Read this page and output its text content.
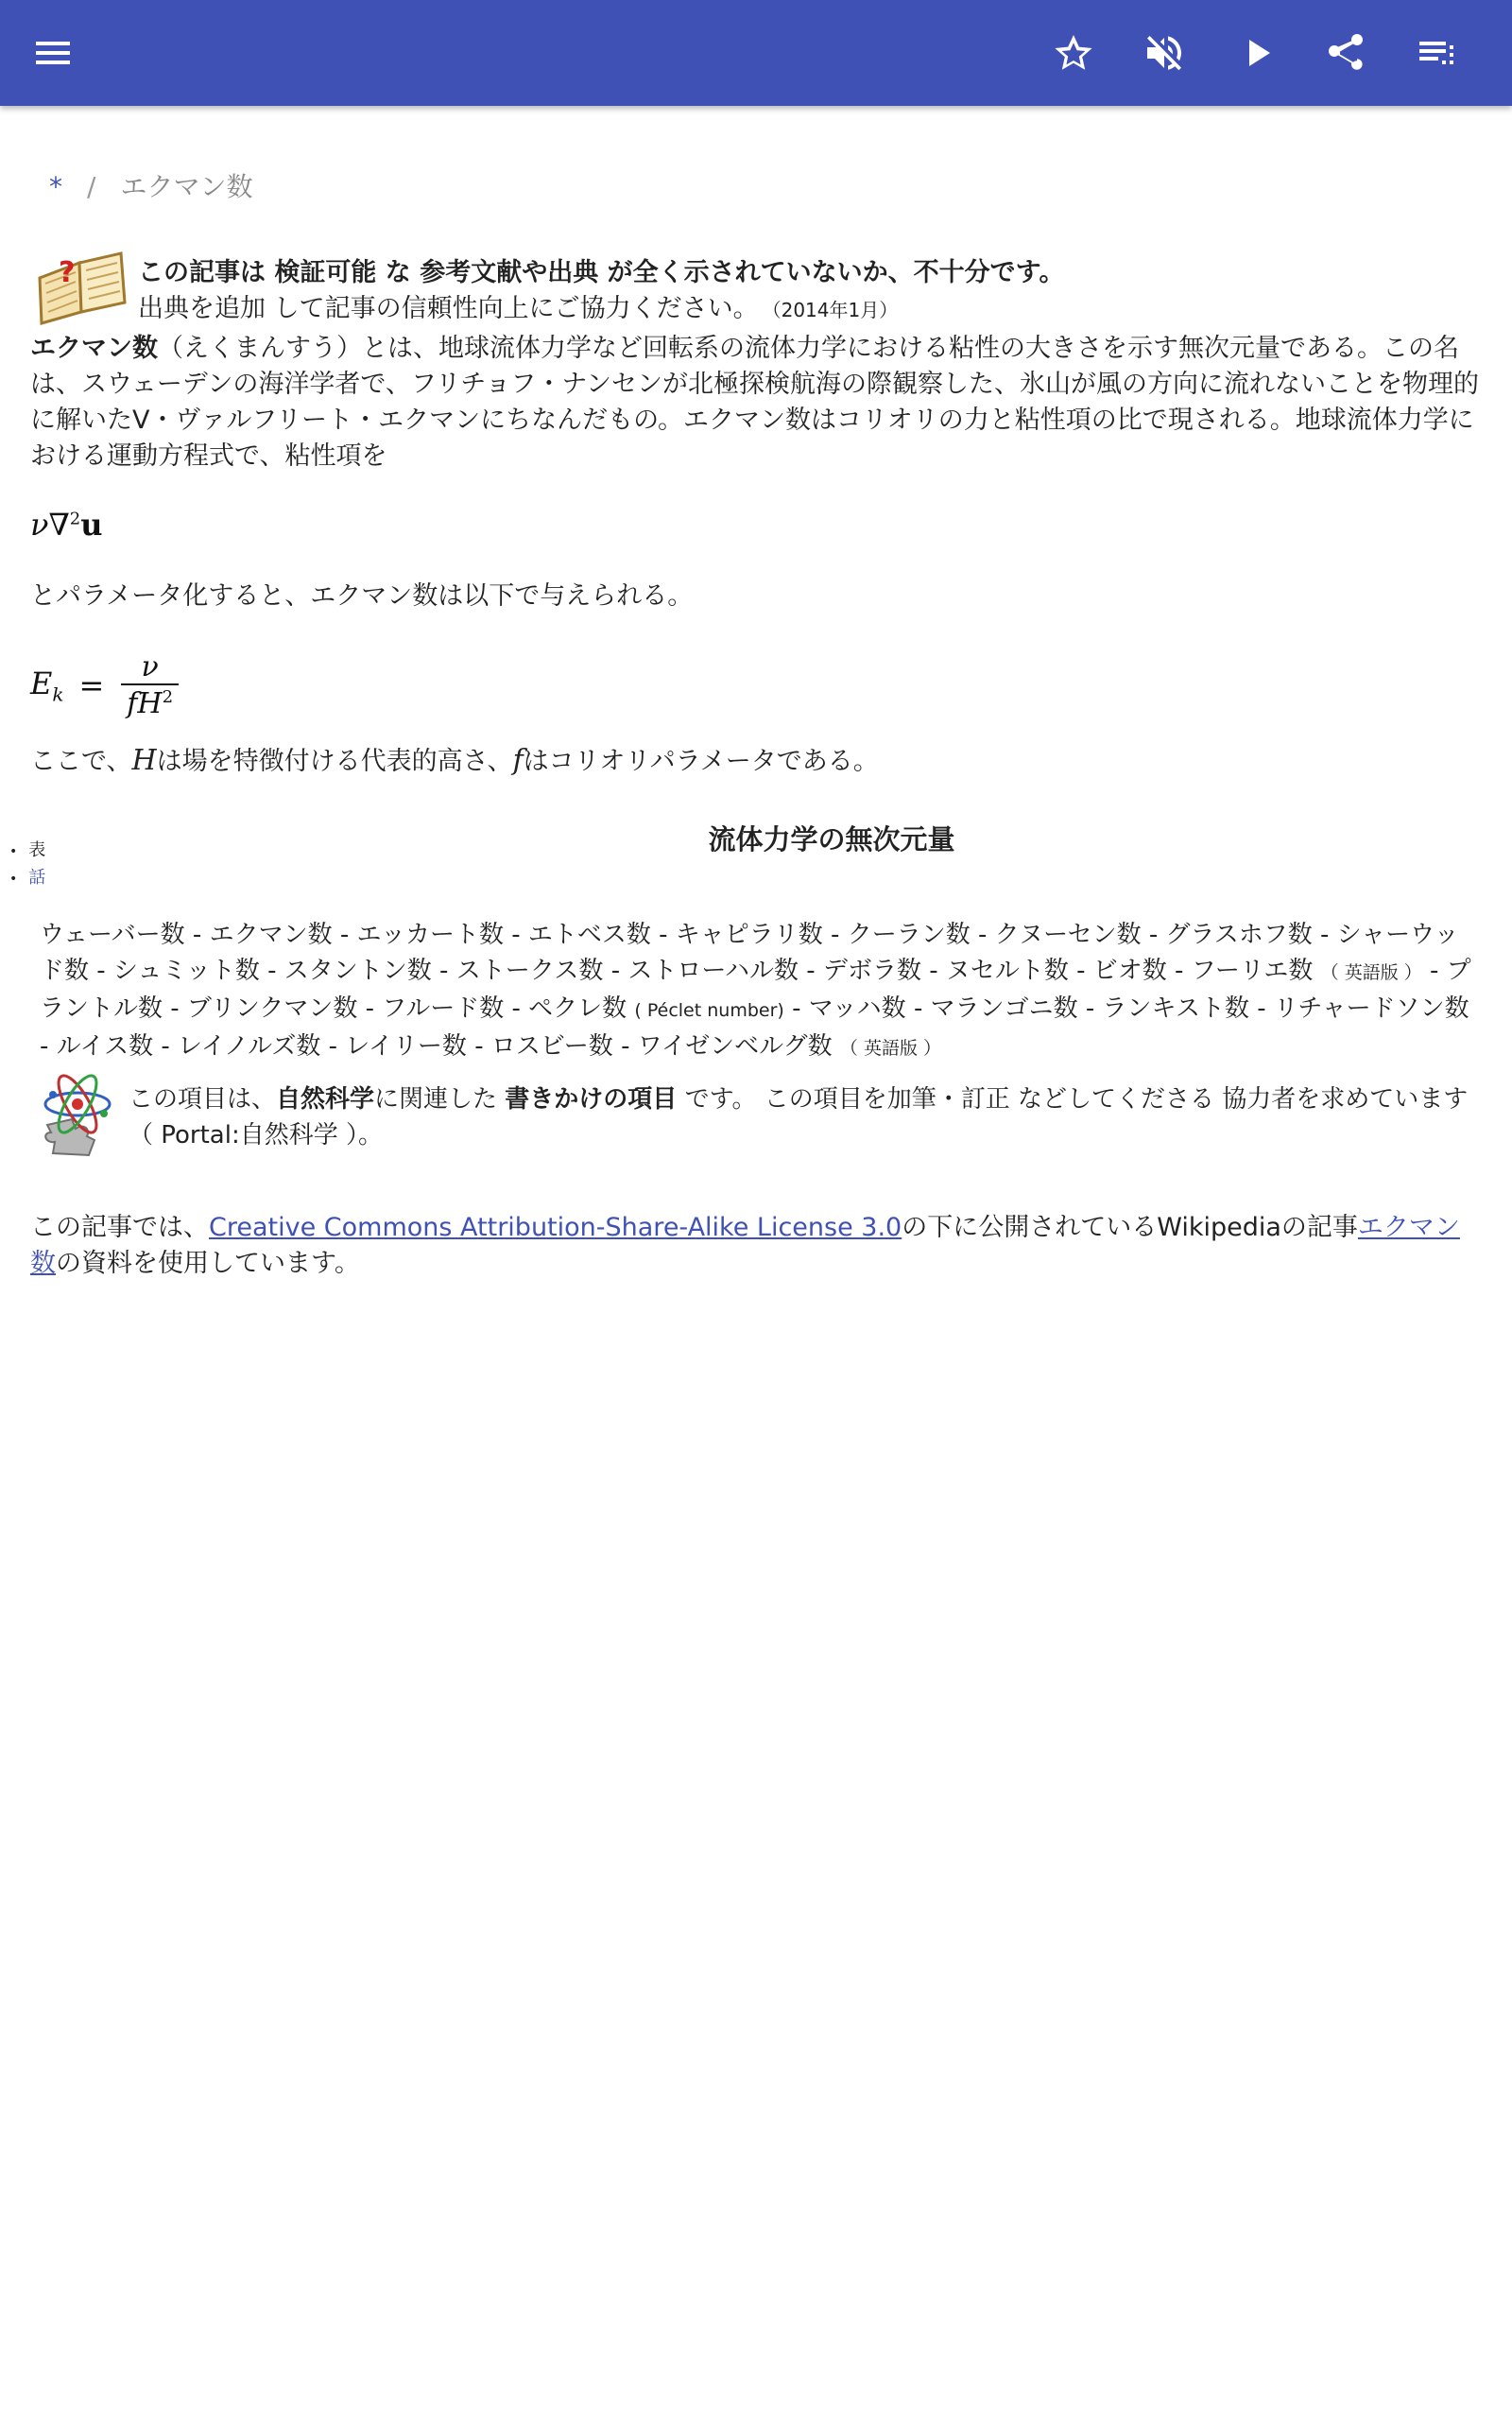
* / エクマン数
? この記事は 検証可能 な 参考文献や出典 が全く示されていないか、不十分です。
出典を追加 して記事の信頼性向上にご協力ください。 （2014年1月）
エクマン数（えくまんすう）とは、地球流体力学など回転系の流体力学における粘性の大きさを示す無次元量である。この名は、スウェーデンの海洋学者で、フリチョフ・ナンセンが北極探検航海の際観察した、氷山が風の方向に流れないことを物理的に解いたV・ヴァルフリート・エクマンにちなんだもの。エクマン数はコリオリの力と粘性項の比で現される。地球流体力学における運動方程式で、粘性項を
ν∇$^2$u
とパラメータ化すると、エクマン数は以下で与えられる。
$E_k = \frac{\nu}{fH^2}$
ここで、Hは場を特徴付ける代表的高さ、fはコリオリパラメータである。
流体力学の無次元量
• 表
• 話
ウェーバー数 - エクマン数 - エッカート数 - エトベス数 - キャピラリ数 - クーラン数 - クヌーセン数 - グラスホフ数 - シャーウッド数 - シュミット数 - スタントン数 - ストークス数 - ストローハル数 - デボラ数 - ヌセルト数 - ビオ数 - フーリエ数 （ 英語版 ） - プラントル数 - ブリンクマン数 - フルード数 - ペクレ数 ( Péclet number) - マッハ数 - マランゴニ数 - ランキスト数 - リチャードソン数 - ルイス数 - レイノルズ数 - レイリー数 - ロスビー数 - ワイゼンベルグ数 （ 英語版 ）
この項目は、自然科学に関連した 書きかけの項目 です。 この項目を加筆・訂正 などしてくださる 協力者を求めています （ Portal:自然科学 ）。
この記事では、Creative Commons Attribution-Share-Alike License 3.0の下に公開されているWikipediaの記事エクマン数の資料を使用しています。
